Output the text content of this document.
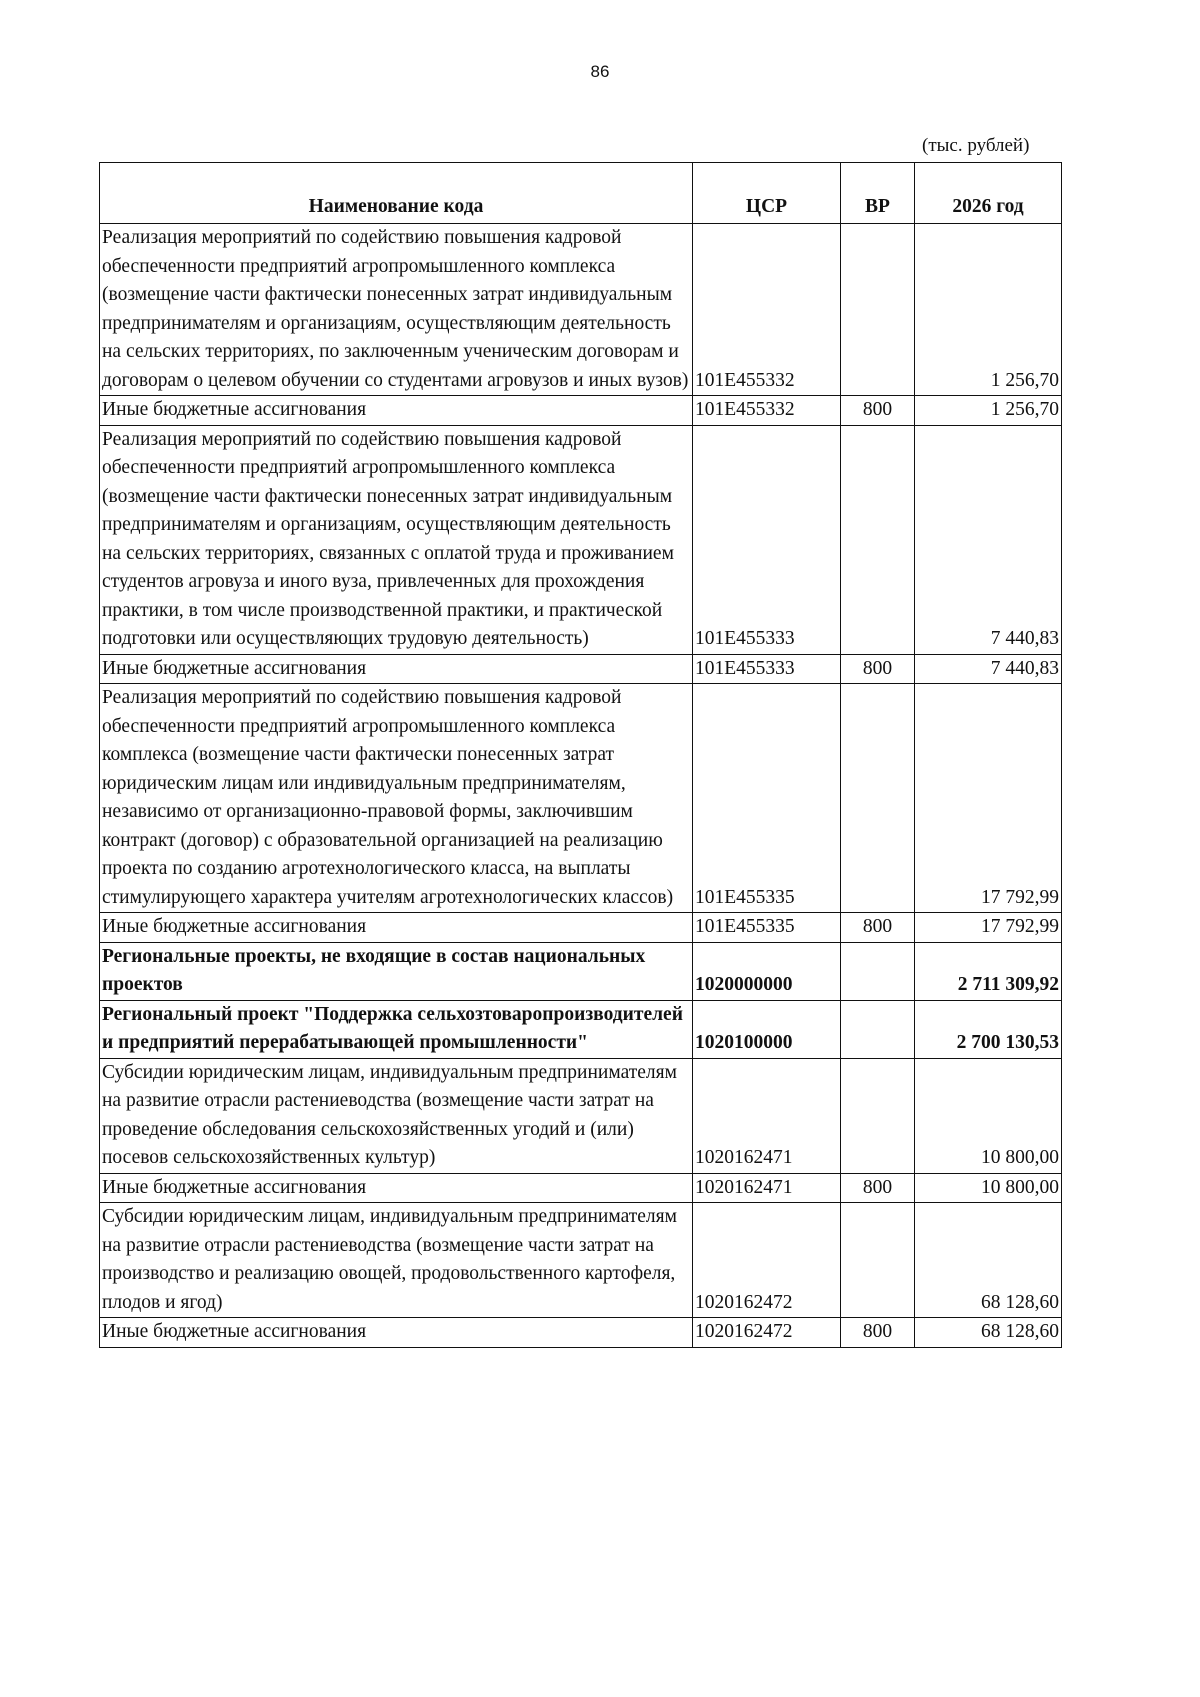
86
(тыс. рублей)
Наименование кода	ЦСР	ВР	2026 год
Реализация мероприятий по содействию повышения кадровой обеспеченности предприятий агропромышленного комплекса (возмещение части фактически понесенных затрат индивидуальным предпринимателям и организациям, осуществляющим деятельность на сельских территориях, по заключенным ученическим договорам и договорам о целевом обучении со студентами агровузов и иных вузов)	101E455332		1 256,70
Иные бюджетные ассигнования	101E455332	800	1 256,70
Реализация мероприятий по содействию повышения кадровой обеспеченности предприятий агропромышленного комплекса (возмещение части фактически понесенных затрат индивидуальным предпринимателям и организациям, осуществляющим деятельность на сельских территориях, связанных с оплатой труда и проживанием студентов агровуза и иного вуза, привлеченных для прохождения практики, в том числе производственной практики, и практической подготовки или осуществляющих трудовую деятельность)	101E455333		7 440,83
Иные бюджетные ассигнования	101E455333	800	7 440,83
Реализация мероприятий по содействию повышения кадровой обеспеченности предприятий агропромышленного комплекса комплекса (возмещение части фактически понесенных затрат юридическим лицам или индивидуальным предпринимателям, независимо от организационно-правовой формы, заключившим контракт (договор) с образовательной организацией на реализацию проекта по созданию агротехнологического класса, на выплаты стимулирующего характера учителям агротехнологических классов)	101E455335		17 792,99
Иные бюджетные ассигнования	101E455335	800	17 792,99
Региональные проекты, не входящие в состав национальных проектов	1020000000		2 711 309,92
Региональный проект "Поддержка сельхозтоваропроизводителей и предприятий перерабатывающей промышленности"	1020100000		2 700 130,53
Субсидии юридическим лицам, индивидуальным предпринимателям на развитие отрасли растениеводства (возмещение части затрат на проведение обследования сельскохозяйственных угодий и (или) посевов сельскохозяйственных культур)	1020162471		10 800,00
Иные бюджетные ассигнования	1020162471	800	10 800,00
Субсидии юридическим лицам, индивидуальным предпринимателям на развитие отрасли растениеводства (возмещение части затрат на производство и реализацию овощей, продовольственного картофеля, плодов и ягод)	1020162472		68 128,60
Иные бюджетные ассигнования	1020162472	800	68 128,60
